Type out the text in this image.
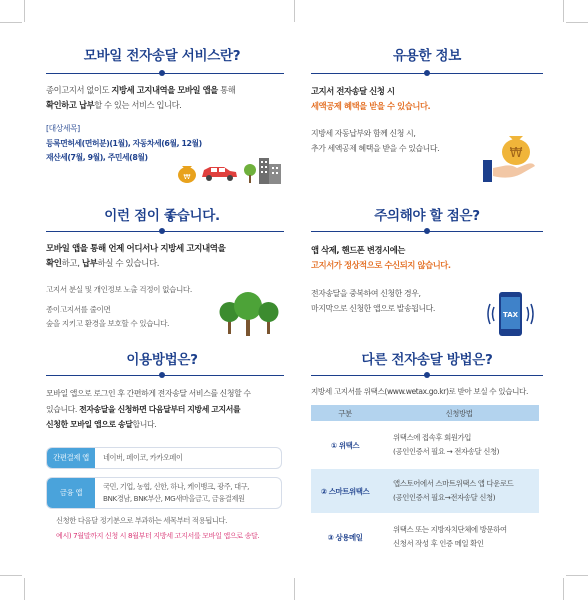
모바일 전자송달 서비스란?
종이고지서 없이도 지방세 고지내역을 모바일 앱을 통해
확인하고 납부할 수 있는 서비스 입니다.
[대상세목]
등록면허세(면허분)(1월), 자동차세(6월, 12월)
재산세(7월, 9월), 주민세(8월)
₩
유용한 정보
고지서 전자송달 신청 시
세액공제 혜택을 받을 수 있습니다.
지방세 자동납부와 함께 신청 시,
추가 세액공제 혜택을 받을 수 있습니다.	₩
이런 점이 좋습니다.
모바일 앱을 통해 언제 어디서나 지방세 고지내역을
확인하고, 납부하실 수 있습니다.
고지서 분실 및 개인정보 노출 걱정이 없습니다.
종이고지서를 줄이면
숲을 지키고 환경을 보호할 수 있습니다.
주의해야 할 점은?
앱 삭제, 핸드폰 변경시에는
고지서가 정상적으로 수신되지 않습니다.
전자송달을 중복하여 신청한 경우,
마지막으로 신청한 앱으로 발송됩니다.
TAX
이용방법은?
모바일 앱으로 로그인 후 간편하게 전자송달 서비스를 신청할 수
있습니다. 전자송달을 신청하면 다음달부터 지방세 고지서를
신청한 모바일 앱으로 송달합니다.
간편결제 앱	네이버, 페이코, 카카오페이
금융 앱
국민, 기업, 농협, 신한, 하나, 케이뱅크, 광주, 대구,
BNK경남, BNK부산, MG새마을금고, 금융결제원
신청한 다음달 정기분으로 부과하는 세목부터 적용됩니다.
예시) 7월말까지 신청 시 8월부터 지방세 고지서를 모바일 앱으로 송달.
다른 전자송달 방법은?
지방세 고지서를 위택스(www.wetax.go.kr)로 받아 보실 수 있습니다.
구분	신청방법
① 위택스
위택스에 접속후 회원가입
(공인인증서 필요 → 전자송달 신청)
② 스마트위택스
앱스토어에서 스마트위택스 앱 다운로드
(공인인증서 필요→전자송달 신청)
③ 상용메일
위택스 또는 지방자치단체에 방문하여
신청서 작성 후 인증 메일 확인
